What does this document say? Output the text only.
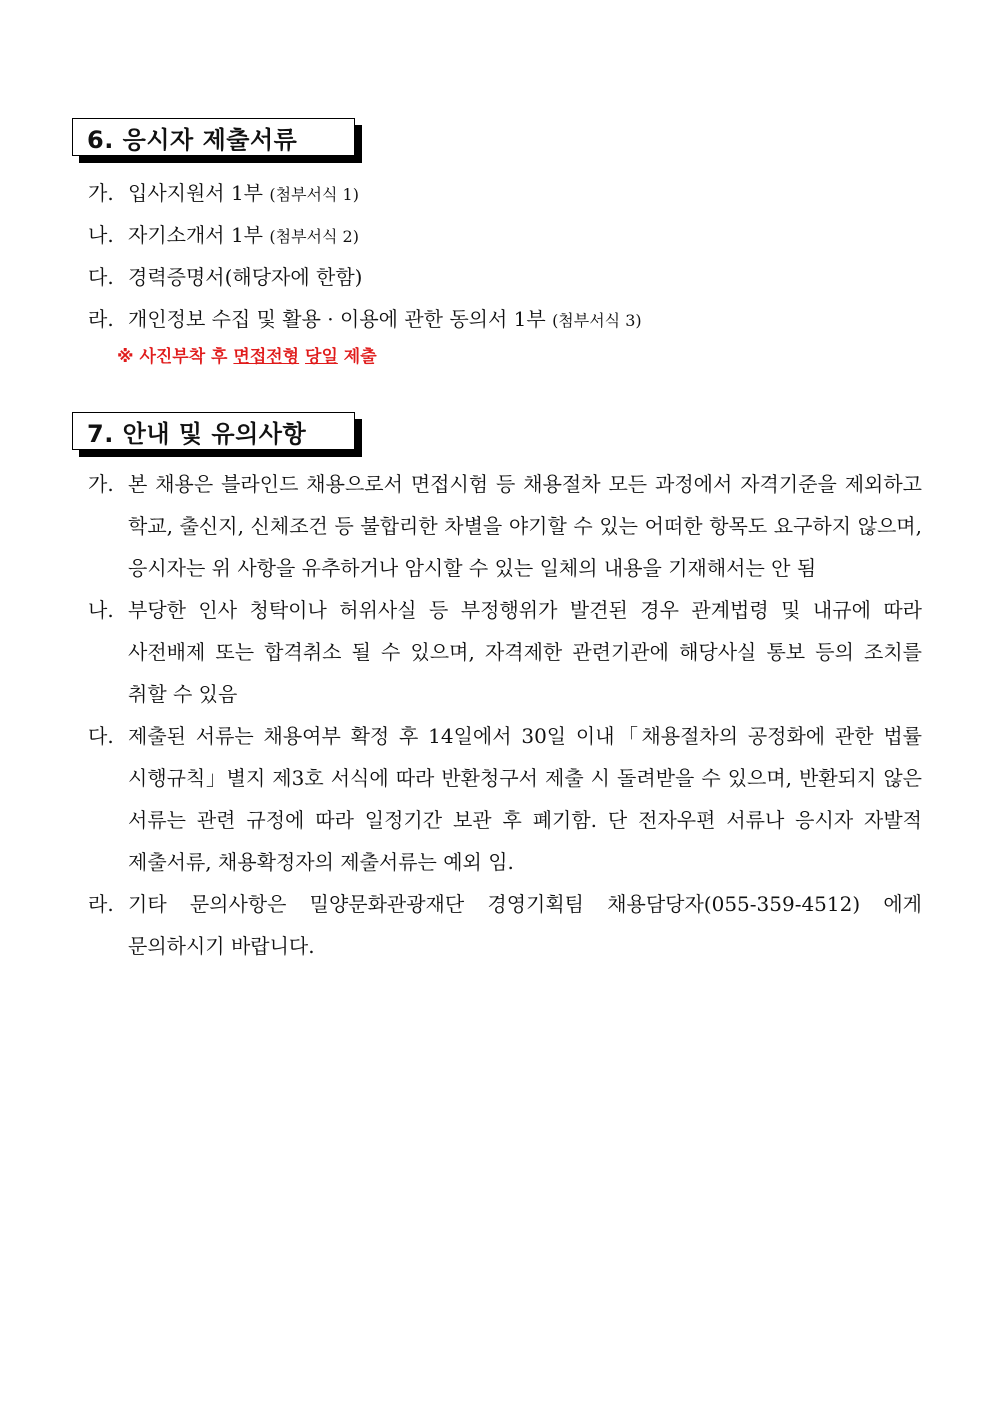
6. 응시자 제출서류
가. 입사지원서 1부 (첨부서식 1)
나. 자기소개서 1부 (첨부서식 2)
다. 경력증명서(해당자에 한함)
라. 개인정보 수집 및 활용 · 이용에 관한 동의서 1부 (첨부서식 3)
※ 사진부착 후 면접전형 당일 제출
7. 안내 및 유의사항
가. 본 채용은 블라인드 채용으로서 면접시험 등 채용절차 모든 과정에서 자격기준을 제외하고 학교, 출신지, 신체조건 등 불합리한 차별을 야기할 수 있는 어떠한 항목도 요구하지 않으며, 응시자는 위 사항을 유추하거나 암시할 수 있는 일체의 내용을 기재해서는 안 됨
나. 부당한 인사 청탁이나 허위사실 등 부정행위가 발견된 경우 관계법령 및 내규에 따라 사전배제 또는 합격취소 될 수 있으며, 자격제한 관련기관에 해당사실 통보 등의 조치를 취할 수 있음
다. 제출된 서류는 채용여부 확정 후 14일에서 30일 이내「채용절차의 공정화에 관한 법률 시행규칙」별지 제3호 서식에 따라 반환청구서 제출 시 돌려받을 수 있으며, 반환되지 않은 서류는 관련 규정에 따라 일정기간 보관 후 폐기함. 단 전자우편 서류나 응시자 자발적 제출서류, 채용확정자의 제출서류는 예외 임.
라. 기타 문의사항은 밀양문화관광재단 경영기획팀 채용담당자(055-359-4512) 에게 문의하시기 바랍니다.
